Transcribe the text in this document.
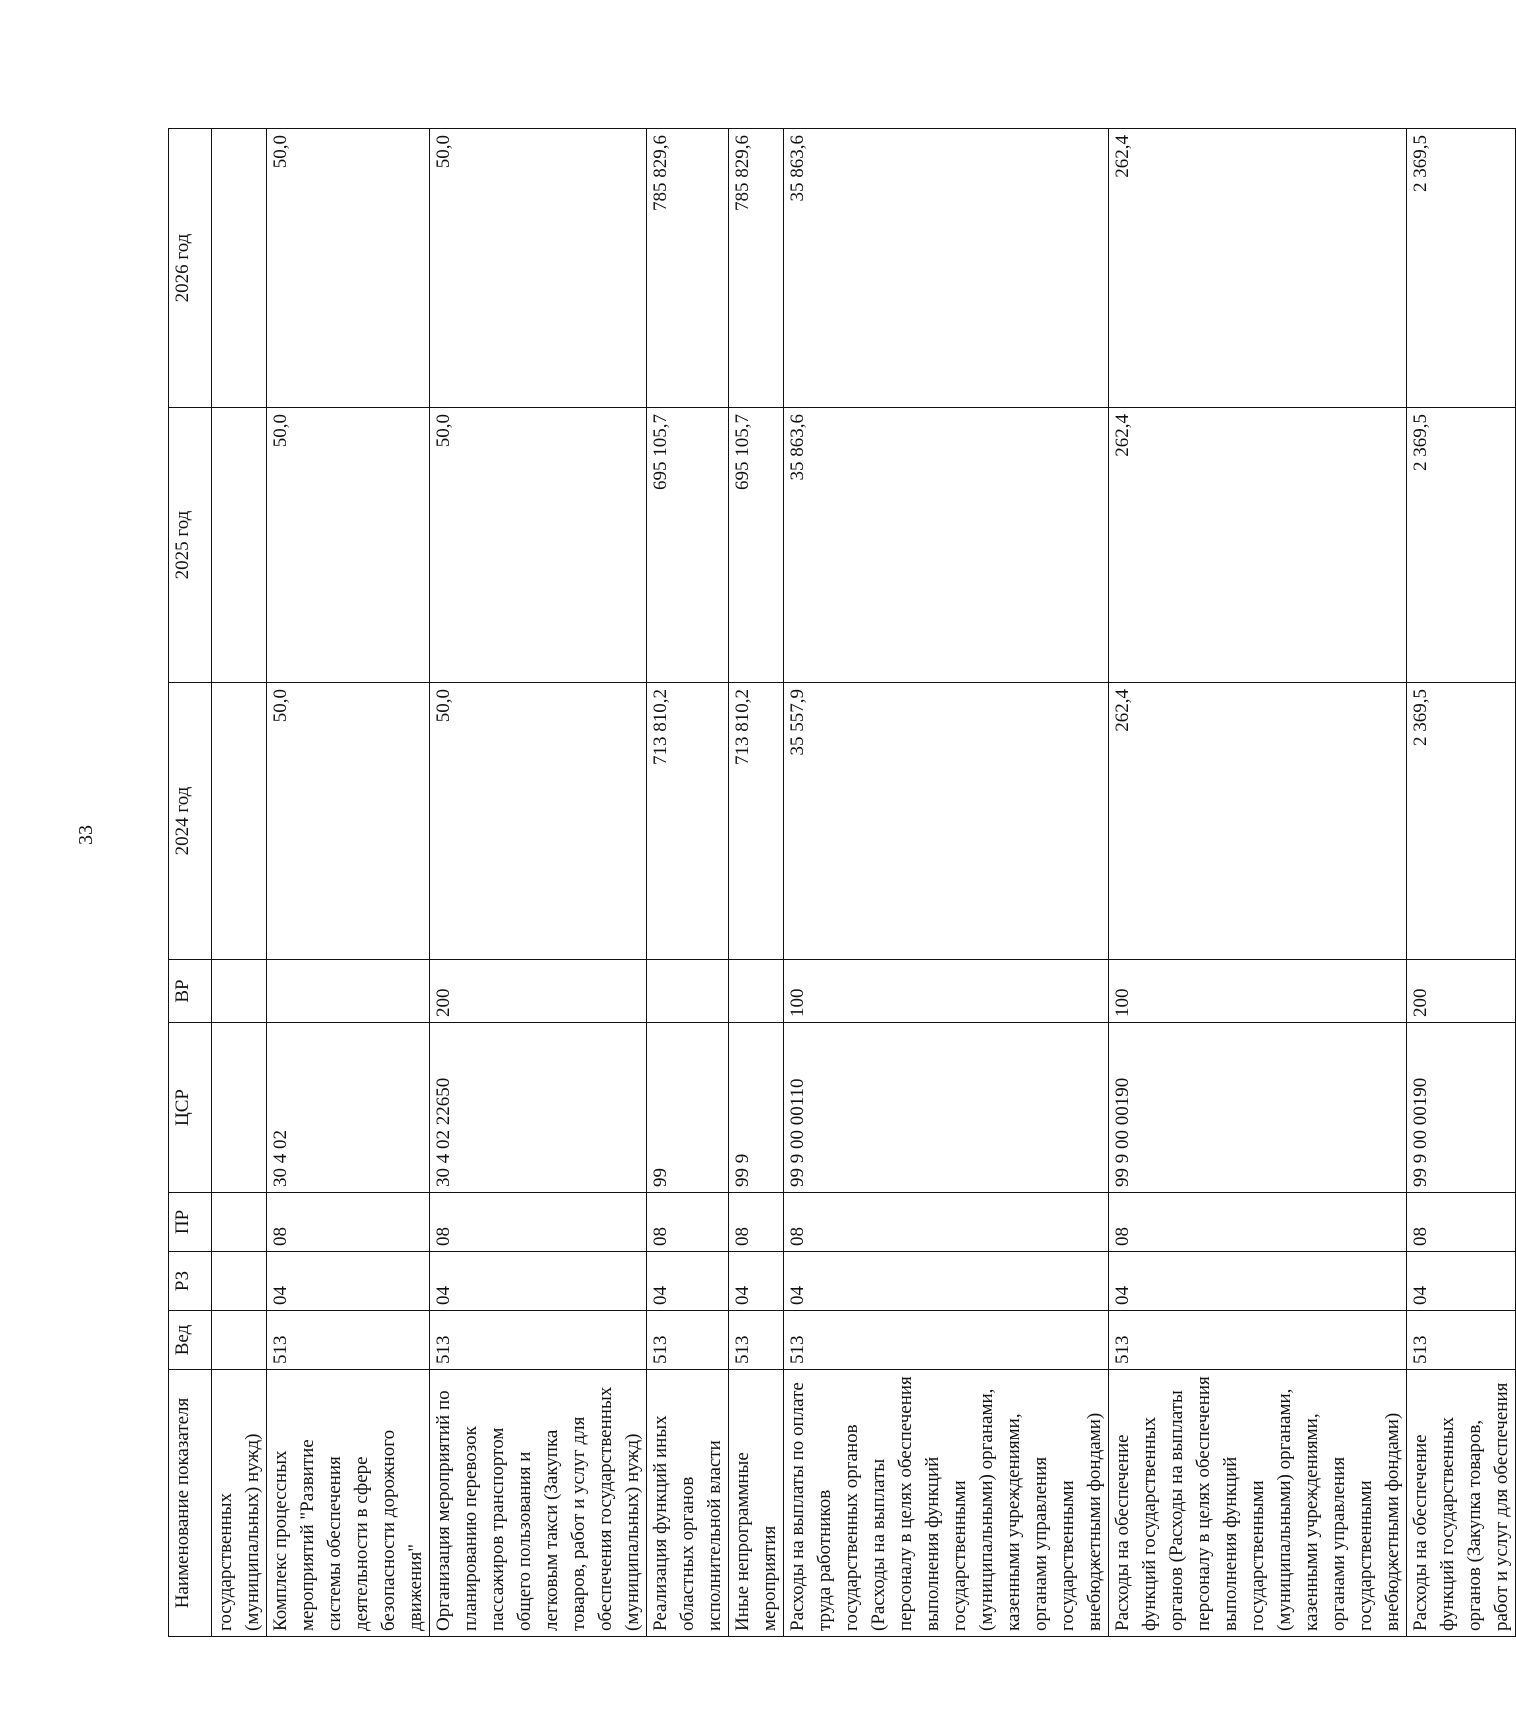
33
Наименование показателя	Вед	РЗ	ПР	ЦСР	ВР	2024 год	2025 год	2026 год
государственных (муниципальных) нужд)								
Комплекс процессных мероприятий "Развитие системы обеспечения деятельности в сфере безопасности дорожного движения"	513	04	08	30 4 02		50,0	50,0	50,0
Организация мероприятий по планированию перевозок пассажиров транспортом общего пользования и легковым такси (Закупка товаров, работ и услуг для обеспечения государственных (муниципальных) нужд)	513	04	08	30 4 02 22650	200	50,0	50,0	50,0
Реализация функций иных областных органов исполнительной власти	513	04	08	99		713 810,2	695 105,7	785 829,6
Иные непрограммные мероприятия	513	04	08	99 9		713 810,2	695 105,7	785 829,6
Расходы на выплаты по оплате труда работников государственных органов (Расходы на выплаты персоналу в целях обеспечения выполнения функций государственными (муниципальными) органами, казенными учреждениями, органами управления государственными внебюджетными фондами)	513	04	08	99 9 00 00110	100	35 557,9	35 863,6	35 863,6
Расходы на обеспечение функций государственных органов (Расходы на выплаты персоналу в целях обеспечения выполнения функций государственными (муниципальными) органами, казенными учреждениями, органами управления государственными внебюджетными фондами)	513	04	08	99 9 00 00190	100	262,4	262,4	262,4
Расходы на обеспечение функций государственных органов (Закупка товаров, работ и услуг для обеспечения	513	04	08	99 9 00 00190	200	2 369,5	2 369,5	2 369,5
